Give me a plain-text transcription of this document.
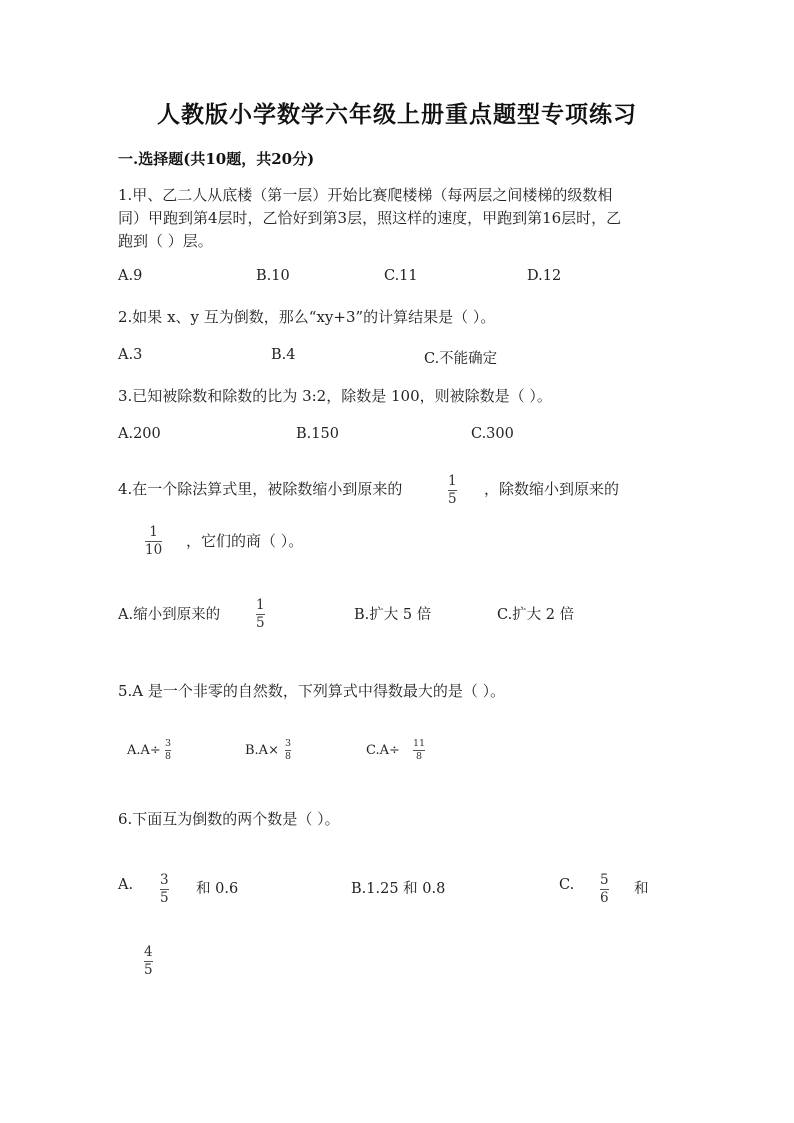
人教版小学数学六年级上册重点题型专项练习
一.选择题(共10题，共20分)
1.甲、乙二人从底楼（第一层）开始比赛爬楼梯（每两层之间楼梯的级数相
同）甲跑到第4层时，乙恰好到第3层，照这样的速度，甲跑到第16层时，乙
跑到（ ）层。
A.9	B.10	C.11	D.12
2.如果 x、y 互为倒数，那么“xy+3”的计算结果是（ ）。
A.3	B.4	C.不能确定
3.已知被除数和除数的比为 3:2，除数是 100，则被除数是（ ）。
A.200	B.150	C.300
4.在一个除法算式里，被除数缩小到原来的	1
5
，除数缩小到原来的
1
10 ，它们的商（ ）。
A.缩小到原来的
1
5	B.扩大 5 倍	C.扩大 2 倍
5.A 是一个非零的自然数，下列算式中得数最大的是（ ）。
A.A÷ 3
8	B.A× 3
8	C.A÷ 11
8
6.下面互为倒数的两个数是（ ）。
A. 3
5
和 0.6	B.1.25 和 0.8	C. 5
6
和
4
5
